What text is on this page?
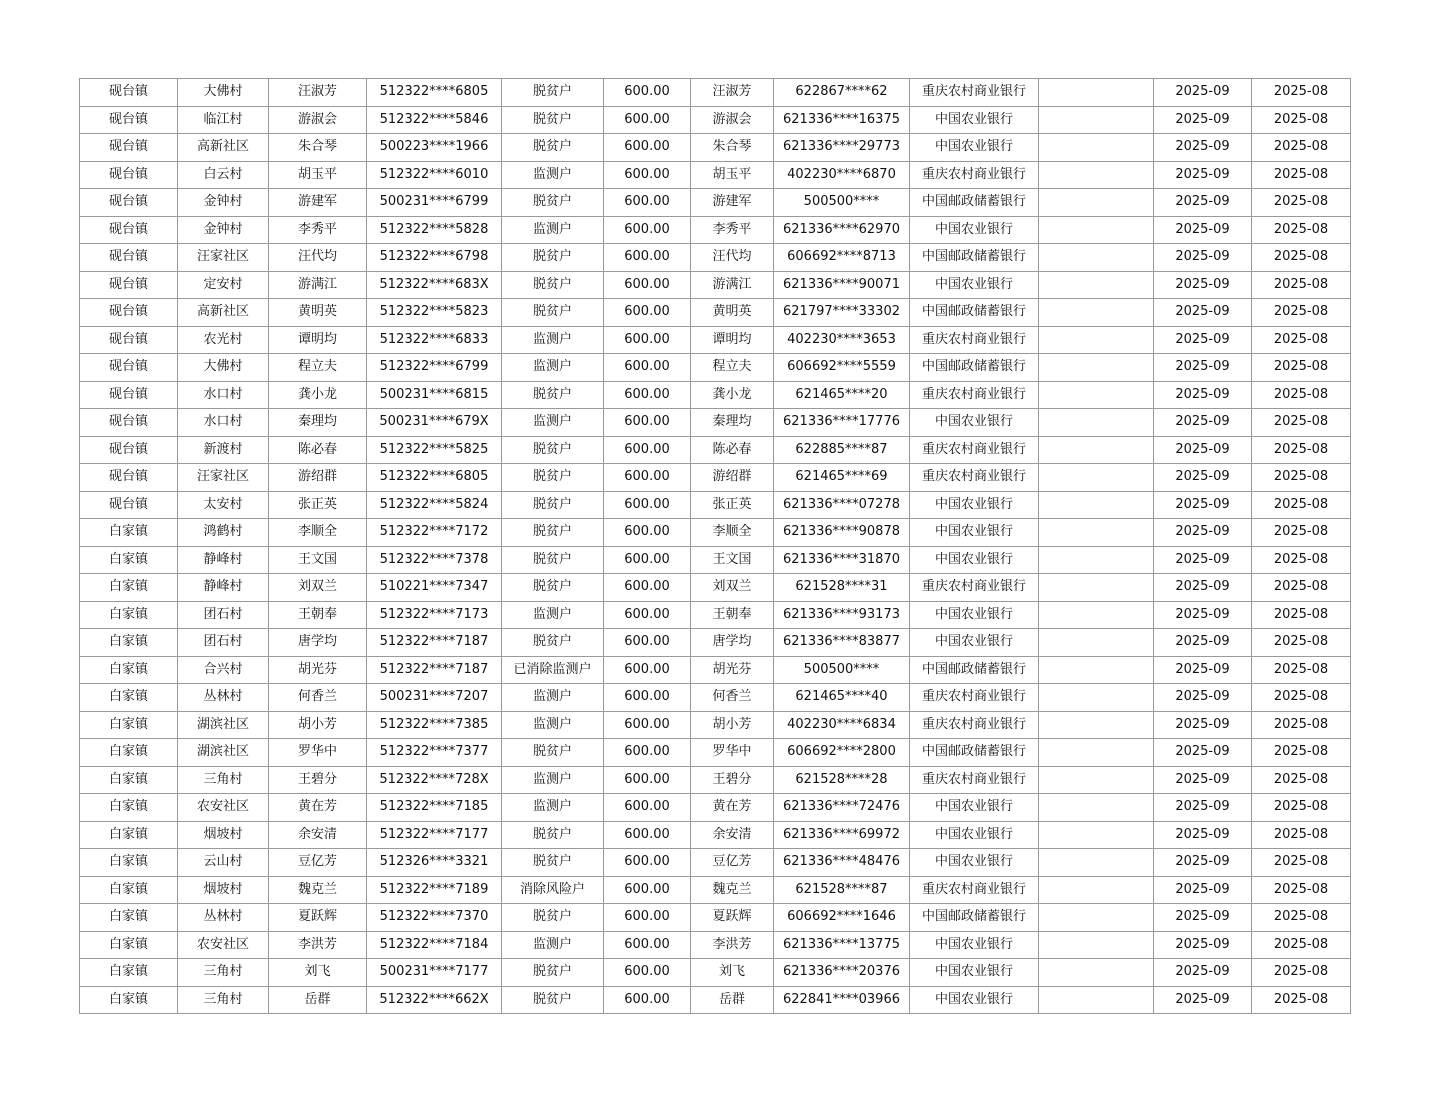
砚台镇	大佛村	汪淑芳	512322****6805	脱贫户	600.00	汪淑芳	622867****62	重庆农村商业银行		2025-09	2025-08
砚台镇	临江村	游淑会	512322****5846	脱贫户	600.00	游淑会	621336****16375	中国农业银行		2025-09	2025-08
砚台镇	高新社区	朱合琴	500223****1966	脱贫户	600.00	朱合琴	621336****29773	中国农业银行		2025-09	2025-08
砚台镇	白云村	胡玉平	512322****6010	监测户	600.00	胡玉平	402230****6870	重庆农村商业银行		2025-09	2025-08
砚台镇	金钟村	游建军	500231****6799	脱贫户	600.00	游建军	500500****	中国邮政储蓄银行		2025-09	2025-08
砚台镇	金钟村	李秀平	512322****5828	监测户	600.00	李秀平	621336****62970	中国农业银行		2025-09	2025-08
砚台镇	汪家社区	汪代均	512322****6798	脱贫户	600.00	汪代均	606692****8713	中国邮政储蓄银行		2025-09	2025-08
砚台镇	定安村	游满江	512322****683X	脱贫户	600.00	游满江	621336****90071	中国农业银行		2025-09	2025-08
砚台镇	高新社区	黄明英	512322****5823	脱贫户	600.00	黄明英	621797****33302	中国邮政储蓄银行		2025-09	2025-08
砚台镇	农光村	谭明均	512322****6833	监测户	600.00	谭明均	402230****3653	重庆农村商业银行		2025-09	2025-08
砚台镇	大佛村	程立夫	512322****6799	监测户	600.00	程立夫	606692****5559	中国邮政储蓄银行		2025-09	2025-08
砚台镇	水口村	龚小龙	500231****6815	脱贫户	600.00	龚小龙	621465****20	重庆农村商业银行		2025-09	2025-08
砚台镇	水口村	秦理均	500231****679X	监测户	600.00	秦理均	621336****17776	中国农业银行		2025-09	2025-08
砚台镇	新渡村	陈必春	512322****5825	脱贫户	600.00	陈必春	622885****87	重庆农村商业银行		2025-09	2025-08
砚台镇	汪家社区	游绍群	512322****6805	脱贫户	600.00	游绍群	621465****69	重庆农村商业银行		2025-09	2025-08
砚台镇	太安村	张正英	512322****5824	脱贫户	600.00	张正英	621336****07278	中国农业银行		2025-09	2025-08
白家镇	鸿鹤村	李顺全	512322****7172	脱贫户	600.00	李顺全	621336****90878	中国农业银行		2025-09	2025-08
白家镇	静峰村	王文国	512322****7378	脱贫户	600.00	王文国	621336****31870	中国农业银行		2025-09	2025-08
白家镇	静峰村	刘双兰	510221****7347	脱贫户	600.00	刘双兰	621528****31	重庆农村商业银行		2025-09	2025-08
白家镇	团石村	王朝奉	512322****7173	监测户	600.00	王朝奉	621336****93173	中国农业银行		2025-09	2025-08
白家镇	团石村	唐学均	512322****7187	脱贫户	600.00	唐学均	621336****83877	中国农业银行		2025-09	2025-08
白家镇	合兴村	胡光芬	512322****7187	已消除监测户	600.00	胡光芬	500500****	中国邮政储蓄银行		2025-09	2025-08
白家镇	丛林村	何香兰	500231****7207	监测户	600.00	何香兰	621465****40	重庆农村商业银行		2025-09	2025-08
白家镇	湖滨社区	胡小芳	512322****7385	监测户	600.00	胡小芳	402230****6834	重庆农村商业银行		2025-09	2025-08
白家镇	湖滨社区	罗华中	512322****7377	脱贫户	600.00	罗华中	606692****2800	中国邮政储蓄银行		2025-09	2025-08
白家镇	三角村	王碧分	512322****728X	监测户	600.00	王碧分	621528****28	重庆农村商业银行		2025-09	2025-08
白家镇	农安社区	黄在芳	512322****7185	监测户	600.00	黄在芳	621336****72476	中国农业银行		2025-09	2025-08
白家镇	烟坡村	余安清	512322****7177	脱贫户	600.00	余安清	621336****69972	中国农业银行		2025-09	2025-08
白家镇	云山村	豆亿芳	512326****3321	脱贫户	600.00	豆亿芳	621336****48476	中国农业银行		2025-09	2025-08
白家镇	烟坡村	魏克兰	512322****7189	消除风险户	600.00	魏克兰	621528****87	重庆农村商业银行		2025-09	2025-08
白家镇	丛林村	夏跃辉	512322****7370	脱贫户	600.00	夏跃辉	606692****1646	中国邮政储蓄银行		2025-09	2025-08
白家镇	农安社区	李洪芳	512322****7184	监测户	600.00	李洪芳	621336****13775	中国农业银行		2025-09	2025-08
白家镇	三角村	刘飞	500231****7177	脱贫户	600.00	刘飞	621336****20376	中国农业银行		2025-09	2025-08
白家镇	三角村	岳群	512322****662X	脱贫户	600.00	岳群	622841****03966	中国农业银行		2025-09	2025-08
